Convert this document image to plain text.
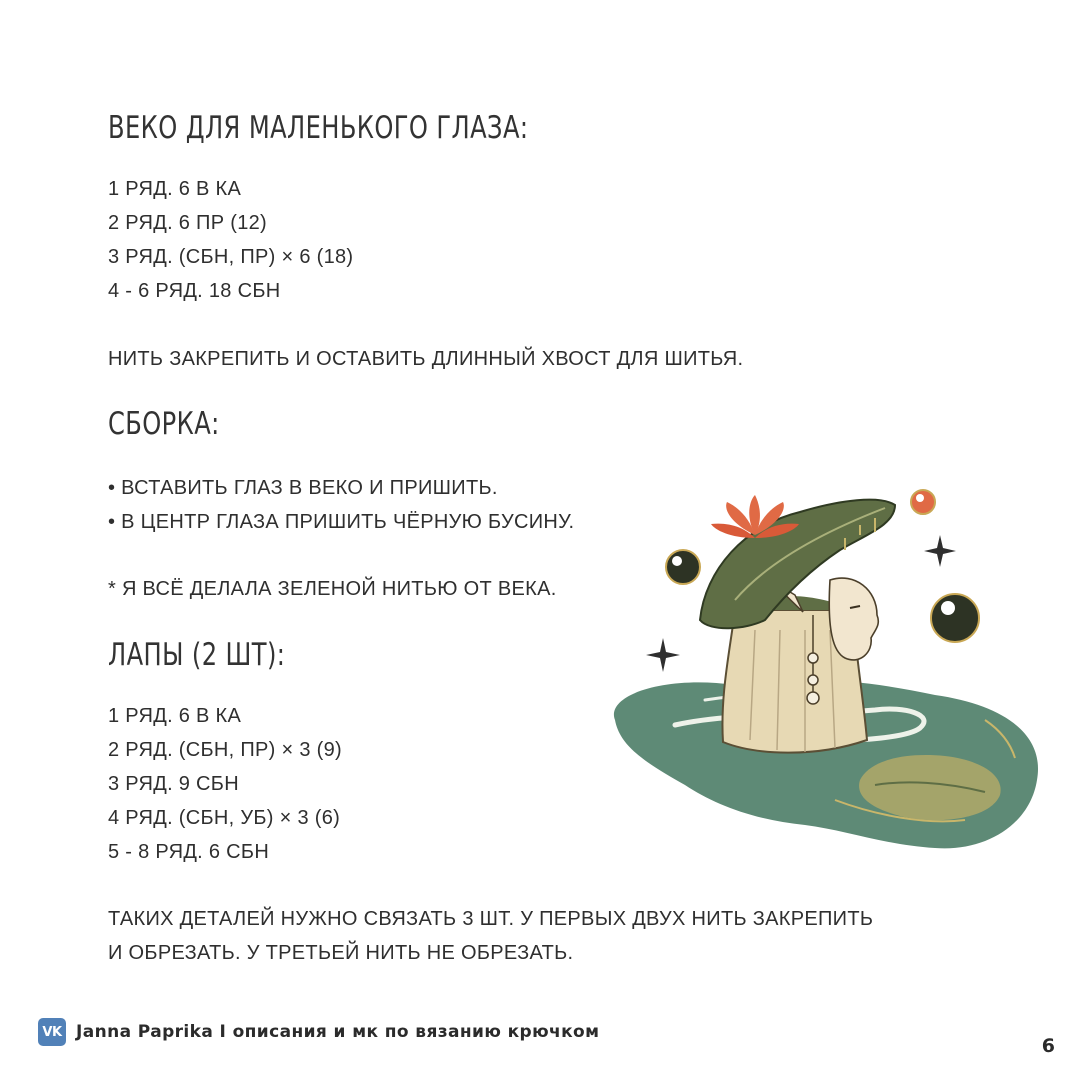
ВЕКО ДЛЯ МАЛЕНЬКОГО ГЛАЗА:

1 РЯД. 6 В КА

2 РЯД. 6 ПР (12)

3 РЯД. (СБН, ПР) × 6 (18)

4 - 6 РЯД. 18 СБН

НИТЬ ЗАКРЕПИТЬ И ОСТАВИТЬ ДЛИННЫЙ ХВОСТ ДЛЯ ШИТЬЯ.

СБОРКА:

• ВСТАВИТЬ ГЛАЗ В ВЕКО И ПРИШИТЬ.

• В ЦЕНТР ГЛАЗА ПРИШИТЬ ЧЁРНУЮ БУСИНУ.

* Я ВСЁ ДЕЛАЛА ЗЕЛЕНОЙ НИТЬЮ ОТ ВЕКА.

ЛАПЫ (2 ШТ):

1 РЯД. 6 В КА

2 РЯД. (СБН, ПР) × 3 (9)

3 РЯД. 9 СБН

4 РЯД. (СБН, УБ) × 3 (6)

5 - 8 РЯД. 6 СБН

ТАКИХ ДЕТАЛЕЙ НУЖНО СВЯЗАТЬ 3 ШТ. У ПЕРВЫХ ДВУХ НИТЬ ЗАКРЕПИТЬ

И ОБРЕЗАТЬ. У ТРЕТЬЕЙ НИТЬ НЕ ОБРЕЗАТЬ.

VK Janna Paprika I описания и мк по вязанию крючком
6
